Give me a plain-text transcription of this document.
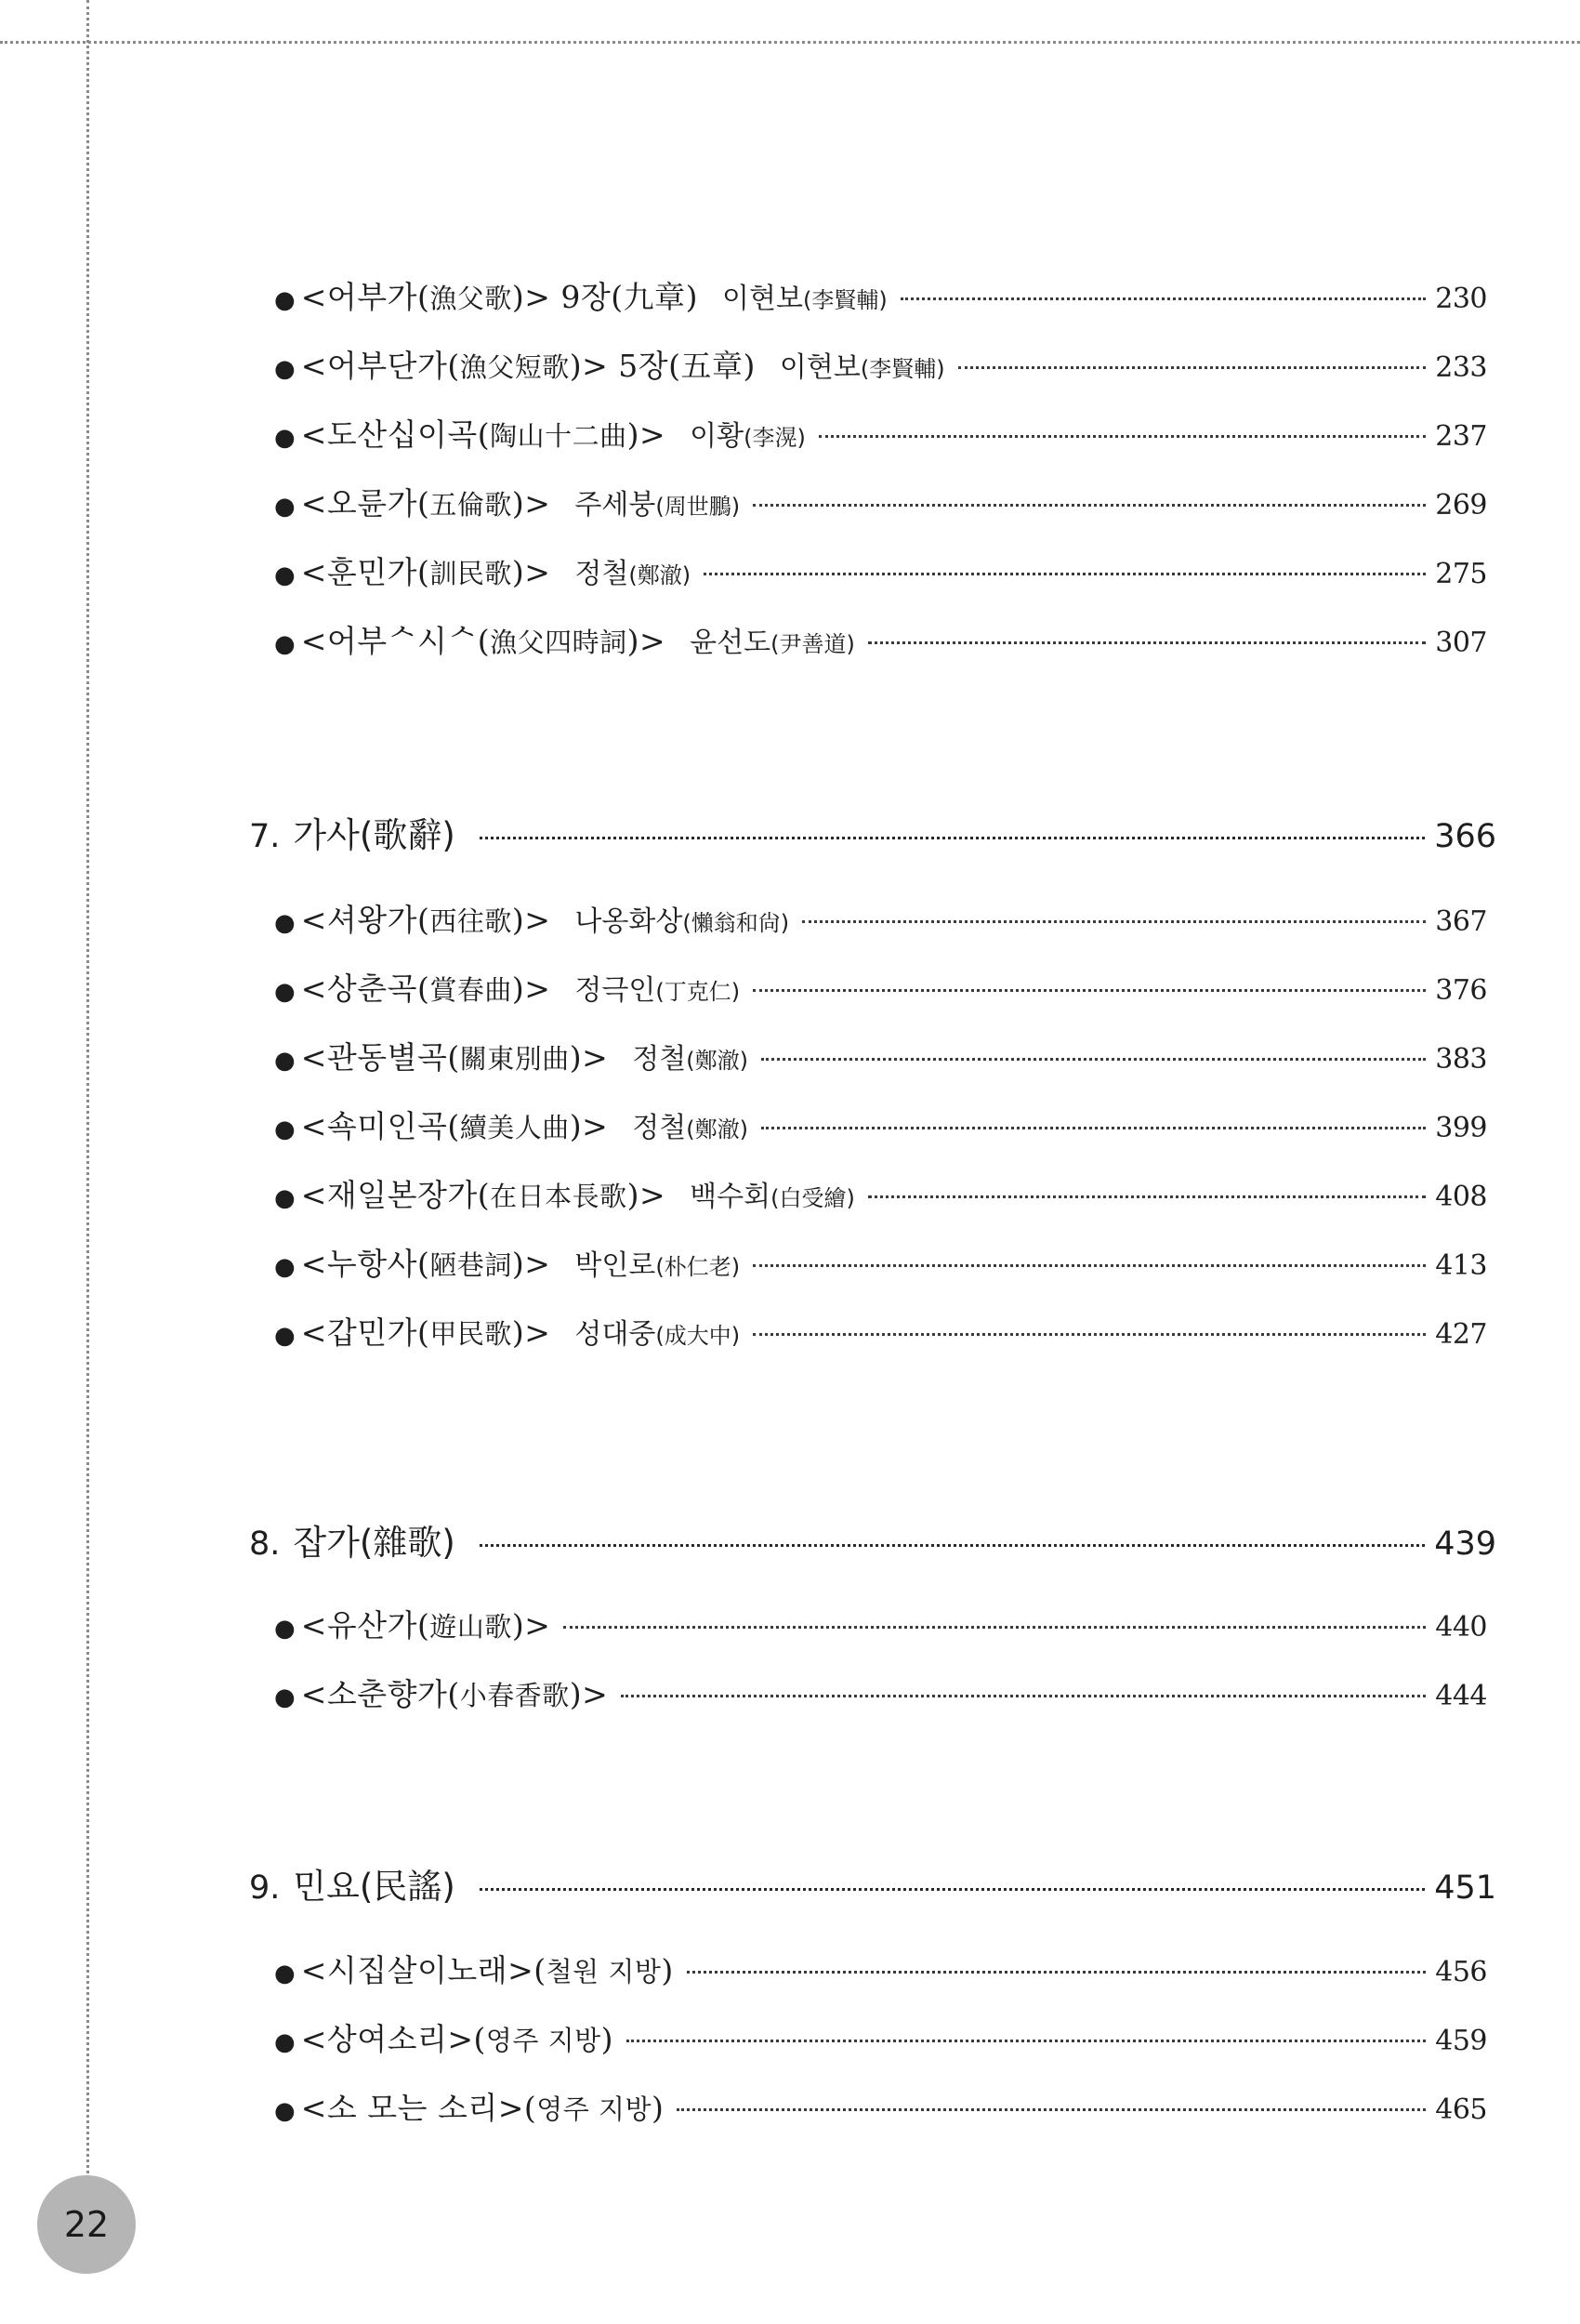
● <어부가(漁父歌)> 9장(九章) 이현보(李賢輔)	230
● <어부단가(漁父短歌)> 5장(五章) 이현보(李賢輔)	233
● <도산십이곡(陶山十二曲)> 이황(李滉)	237
● <오륜가(五倫歌)> 주세붕(周世鵬)	269
● <훈민가(訓民歌)> 정철(鄭澈)	275
● <어부ᄉ시ᄉ(漁父四時詞)> 윤선도(尹善道)	307
7. 가사(歌辭)	366
● <셔왕가(西往歌)> 나옹화상(懶翁和尙)	367
● <상춘곡(賞春曲)> 정극인(丁克仁)	376
● <관동별곡(關東別曲)> 정철(鄭澈)	383
● <쇽미인곡(續美人曲)> 정철(鄭澈)	399
● <재일본장가(在日本長歌)> 백수회(白受繪)	408
● <누항사(陋巷詞)> 박인로(朴仁老)	413
● <갑민가(甲民歌)> 성대중(成大中)	427
8. 잡가(雜歌)	439
● <유산가(遊山歌)>	440
● <소춘향가(小春香歌)>	444
9. 민요(民謠)	451
● <시집살이노래>(철원 지방)	456
● <상여소리>(영주 지방)	459
● <소 모는 소리>(영주 지방)	465
22
